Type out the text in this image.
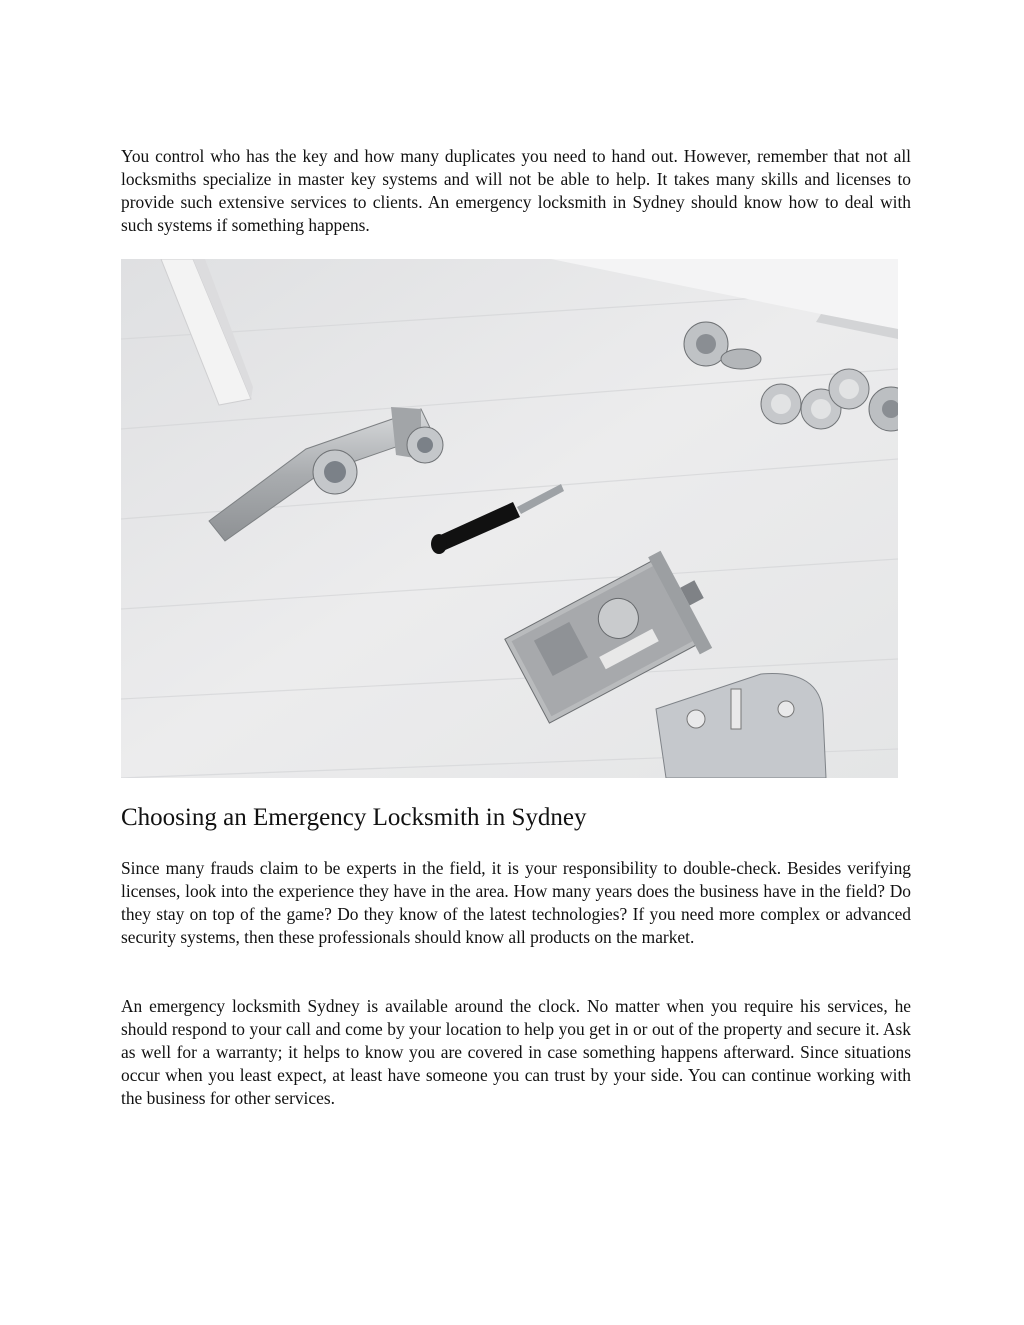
You control who has the key and how many duplicates you need to hand out. However, remember that not all locksmiths specialize in master key systems and will not be able to help. It takes many skills and licenses to provide such extensive services to clients. An emergency locksmith in Sydney should know how to deal with such systems if something happens.

Choosing an Emergency Locksmith in Sydney

Since many frauds claim to be experts in the field, it is your responsibility to double-check. Besides verifying licenses, look into the experience they have in the area. How many years does the business have in the field? Do they stay on top of the game? Do they know of the latest technologies? If you need more complex or advanced security systems, then these professionals should know all products on the market.

An emergency locksmith Sydney is available around the clock. No matter when you require his services, he should respond to your call and come by your location to help you get in or out of the property and secure it. Ask as well for a warranty; it helps to know you are covered in case something happens afterward. Since situations occur when you least expect, at least have someone you can trust by your side. You can continue working with the business for other services.
